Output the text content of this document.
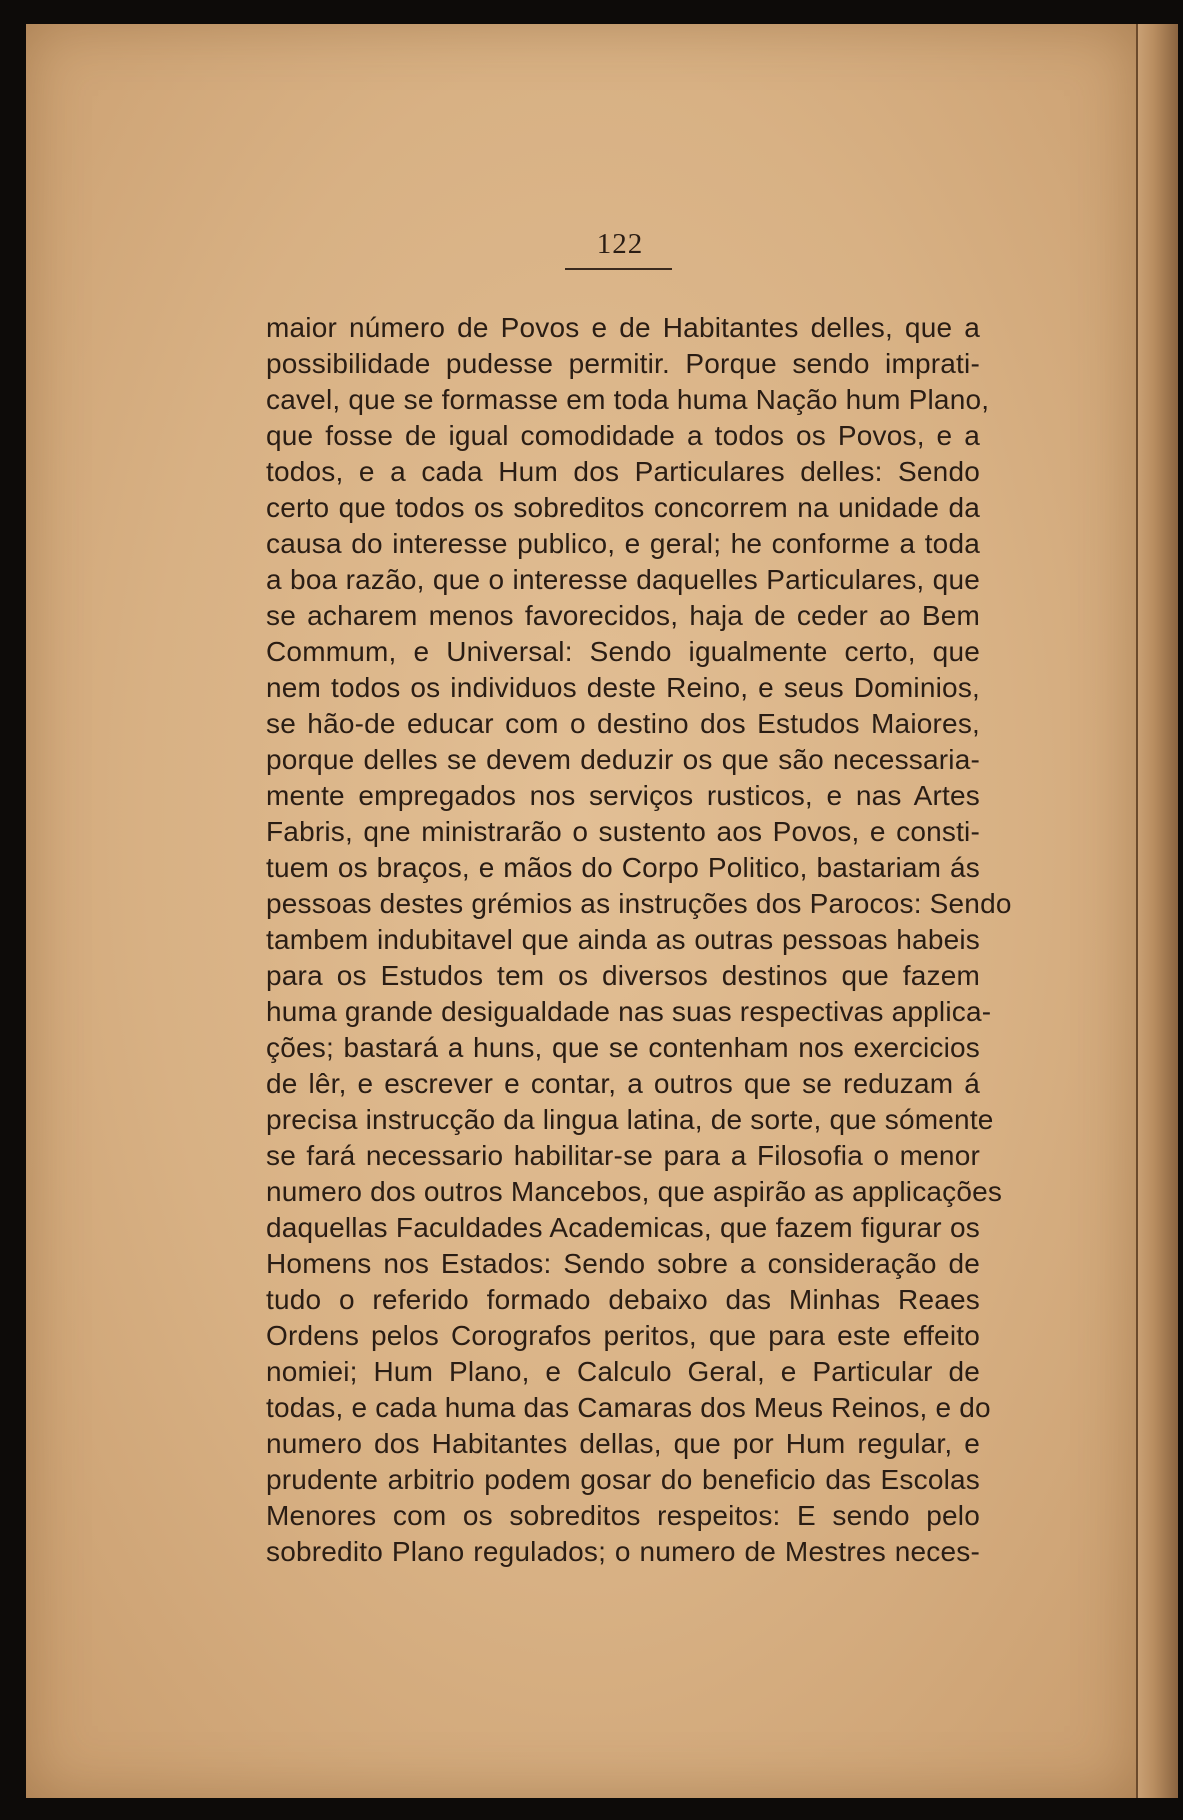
122
maior número de Povos e de Habitantes delles, que a
possibilidade pudesse permitir. Porque sendo imprati-
cavel, que se formasse em toda huma Nação hum Plano,
que fosse de igual comodidade a todos os Povos, e a
todos, e a cada Hum dos Particulares delles: Sendo
certo que todos os sobreditos concorrem na unidade da
causa do interesse publico, e geral; he conforme a toda
a boa razão, que o interesse daquelles Particulares, que
se acharem menos favorecidos, haja de ceder ao Bem
Commum, e Universal: Sendo igualmente certo, que
nem todos os individuos deste Reino, e seus Dominios,
se hão-de educar com o destino dos Estudos Maiores,
porque delles se devem deduzir os que são necessaria-
mente empregados nos serviços rusticos, e nas Artes
Fabris, qne ministrarão o sustento aos Povos, e consti-
tuem os braços, e mãos do Corpo Politico, bastariam ás
pessoas destes grémios as instruções dos Parocos: Sendo
tambem indubitavel que ainda as outras pessoas habeis
para os Estudos tem os diversos destinos que fazem
huma grande desigualdade nas suas respectivas applica-
ções; bastará a huns, que se contenham nos exercicios
de lêr, e escrever e contar, a outros que se reduzam á
precisa instrucção da lingua latina, de sorte, que sómente
se fará necessario habilitar-se para a Filosofia o menor
numero dos outros Mancebos, que aspirão as applicações
daquellas Faculdades Academicas, que fazem figurar os
Homens nos Estados: Sendo sobre a consideração de
tudo o referido formado debaixo das Minhas Reaes
Ordens pelos Corografos peritos, que para este effeito
nomiei; Hum Plano, e Calculo Geral, e Particular de
todas, e cada huma das Camaras dos Meus Reinos, e do
numero dos Habitantes dellas, que por Hum regular, e
prudente arbitrio podem gosar do beneficio das Escolas
Menores com os sobreditos respeitos: E sendo pelo
sobredito Plano regulados; o numero de Mestres neces-
